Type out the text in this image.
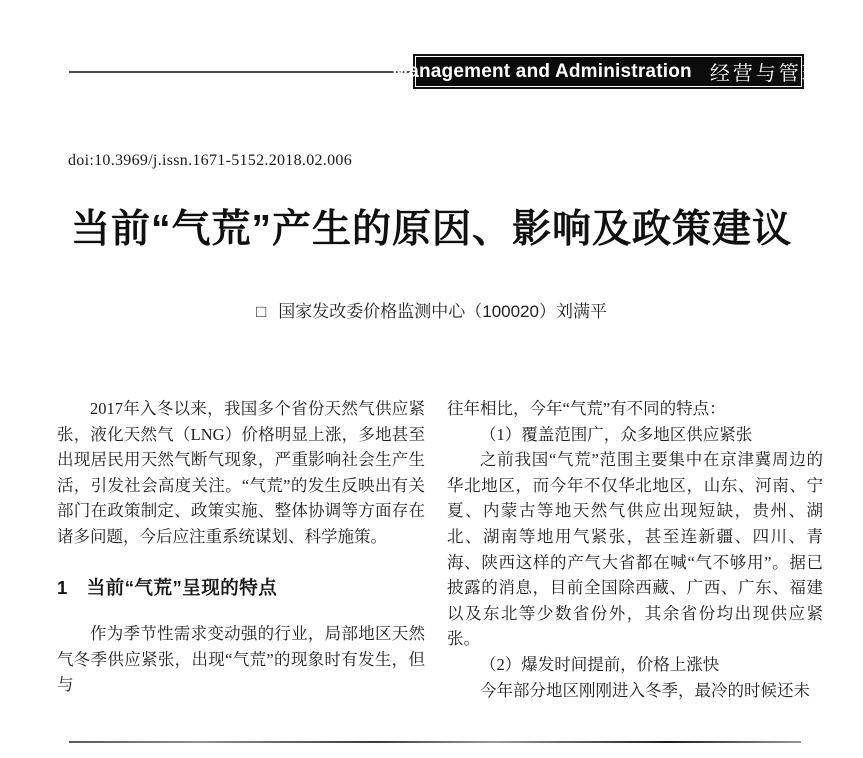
Management and Administration 经营与管理
doi:10.3969/j.issn.1671-5152.2018.02.006
当前“气荒”产生的原因、影响及政策建议
□ 国家发改委价格监测中心（100020）刘满平

2017年入冬以来，我国多个省份天然气供应紧张，液化天然气（LNG）价格明显上涨，多地甚至出现居民用天然气断气现象，严重影响社会生产生活，引发社会高度关注。“气荒”的发生反映出有关部门在政策制定、政策实施、整体协调等方面存在诸多问题，今后应注重系统谋划、科学施策。

1　当前“气荒”呈现的特点

作为季节性需求变动强的行业，局部地区天然气冬季供应紧张，出现“气荒”的现象时有发生，但与

往年相比，今年“气荒”有不同的特点：

（1）覆盖范围广，众多地区供应紧张

之前我国“气荒”范围主要集中在京津冀周边的华北地区，而今年不仅华北地区，山东、河南、宁夏、内蒙古等地天然气供应出现短缺，贵州、湖北、湖南等地用气紧张，甚至连新疆、四川、青海、陕西这样的产气大省都在喊“气不够用”。据已披露的消息，目前全国除西藏、广西、广东、福建以及东北等少数省份外，其余省份均出现供应紧张。

（2）爆发时间提前，价格上涨快

今年部分地区刚刚进入冬季，最冷的时候还未
